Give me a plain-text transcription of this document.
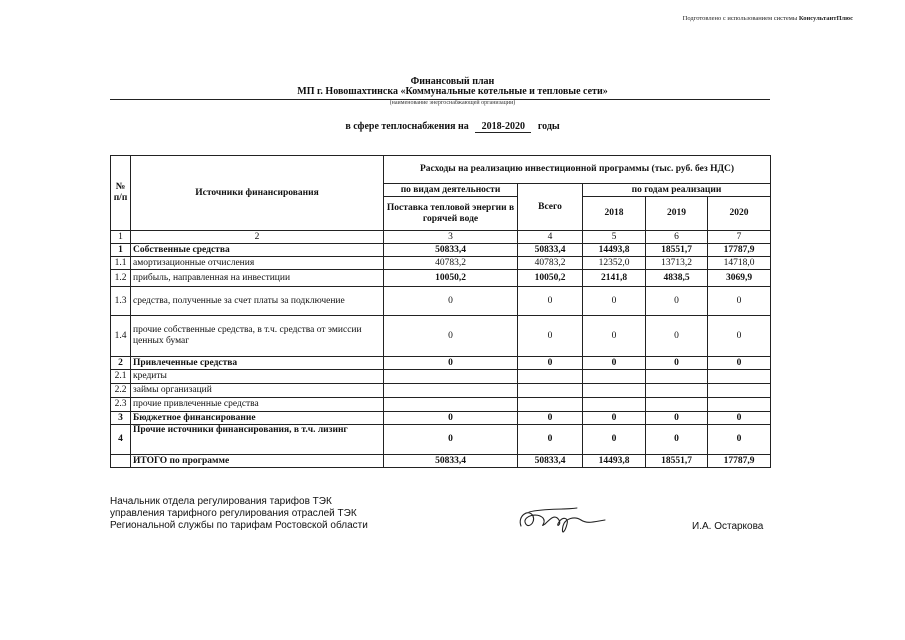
Подготовлено с использованием системы КонсультантПлюс
Финансовый план
МП г. Новошахтинска «Коммунальные котельные и тепловые сети»
(наименование энергоснабжающей организации)
в сфере теплоснабжения на 2018-2020 годы
№ п/п	Источники финансирования	Расходы на реализацию инвестиционной программы (тыс. руб. без НДС)				
		по видам деятельности	Всего	по годам реализации		
		Поставка тепловой энергии в горячей воде		2018	2019	2020
1	2	3	4	5	6	7
1	Собственные средства	50833,4	50833,4	14493,8	18551,7	17787,9
1.1	амортизационные отчисления	40783,2	40783,2	12352,0	13713,2	14718,0
1.2	прибыль, направленная на инвестиции	10050,2	10050,2	2141,8	4838,5	3069,9
1.3	средства, полученные за счет платы за подключение	0	0	0	0	0
1.4	прочие собственные средства, в т.ч. средства от эмиссии ценных бумаг	0	0	0	0	0
2	Привлеченные средства	0	0	0	0	0
2.1	кредиты					
2.2	займы организаций					
2.3	прочие привлеченные средства					
3	Бюджетное финансирование	0	0	0	0	0
4	Прочие источники финансирования, в т.ч. лизинг	0	0	0	0	0
	ИТОГО по программе	50833,4	50833,4	14493,8	18551,7	17787,9
Начальник отдела регулирования тарифов ТЭК
управления тарифного регулирования отраслей ТЭК
Региональной службы по тарифам Ростовской области	И.А. Остаркова
